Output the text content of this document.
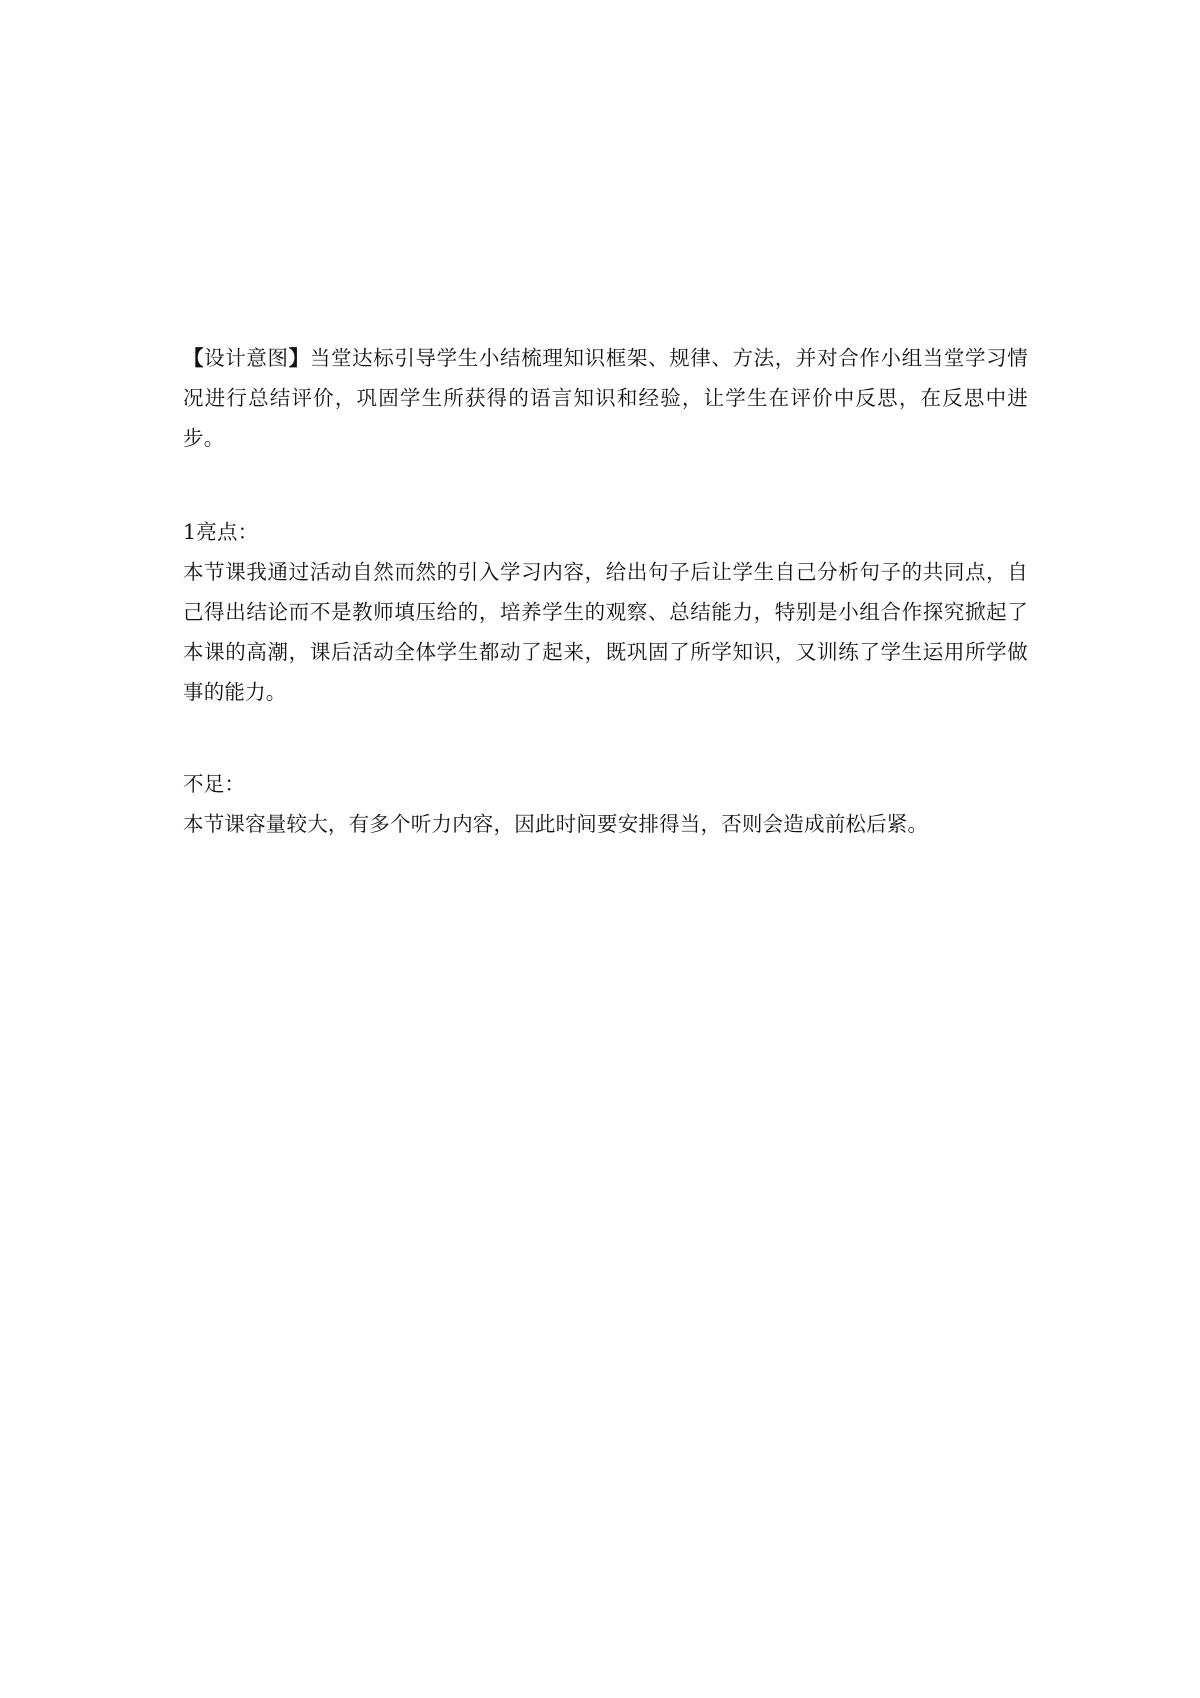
【设计意图】当堂达标引导学生小结梳理知识框架、规律、方法，并对合作小组当堂学习情况进行总结评价，巩固学生所获得的语言知识和经验，让学生在评价中反思，在反思中进步。

1亮点：

本节课我通过活动自然而然的引入学习内容，给出句子后让学生自己分析句子的共同点，自己得出结论而不是教师填压给的，培养学生的观察、总结能力，特别是小组合作探究掀起了本课的高潮，课后活动全体学生都动了起来，既巩固了所学知识，又训练了学生运用所学做事的能力。

不足：

本节课容量较大，有多个听力内容，因此时间要安排得当，否则会造成前松后紧。
